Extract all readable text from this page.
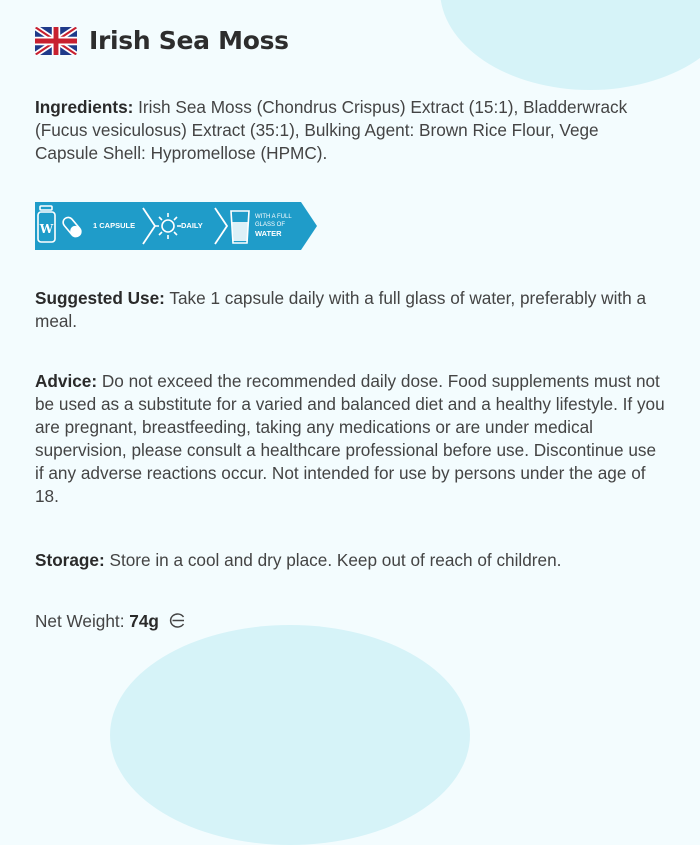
Irish Sea Moss
Ingredients: Irish Sea Moss (Chondrus Crispus) Extract (15:1), Bladderwrack (Fucus vesiculosus) Extract (35:1), Bulking Agent: Brown Rice Flour, Vege Capsule Shell: Hypromellose (HPMC).
W	1 CAPSULE	DAILY
WITH A FULL
GLASS OF
WATER
Suggested Use: Take 1 capsule daily with a full glass of water, preferably with a meal.
Advice: Do not exceed the recommended daily dose. Food supplements must not be used as a substitute for a varied and balanced diet and a healthy lifestyle. If you are pregnant, breastfeeding, taking any medications or are under medical supervision, please consult a healthcare professional before use. Discontinue use if any adverse reactions occur. Not intended for use by persons under the age of 18.
Storage: Store in a cool and dry place. Keep out of reach of children.
Net Weight: 74g
